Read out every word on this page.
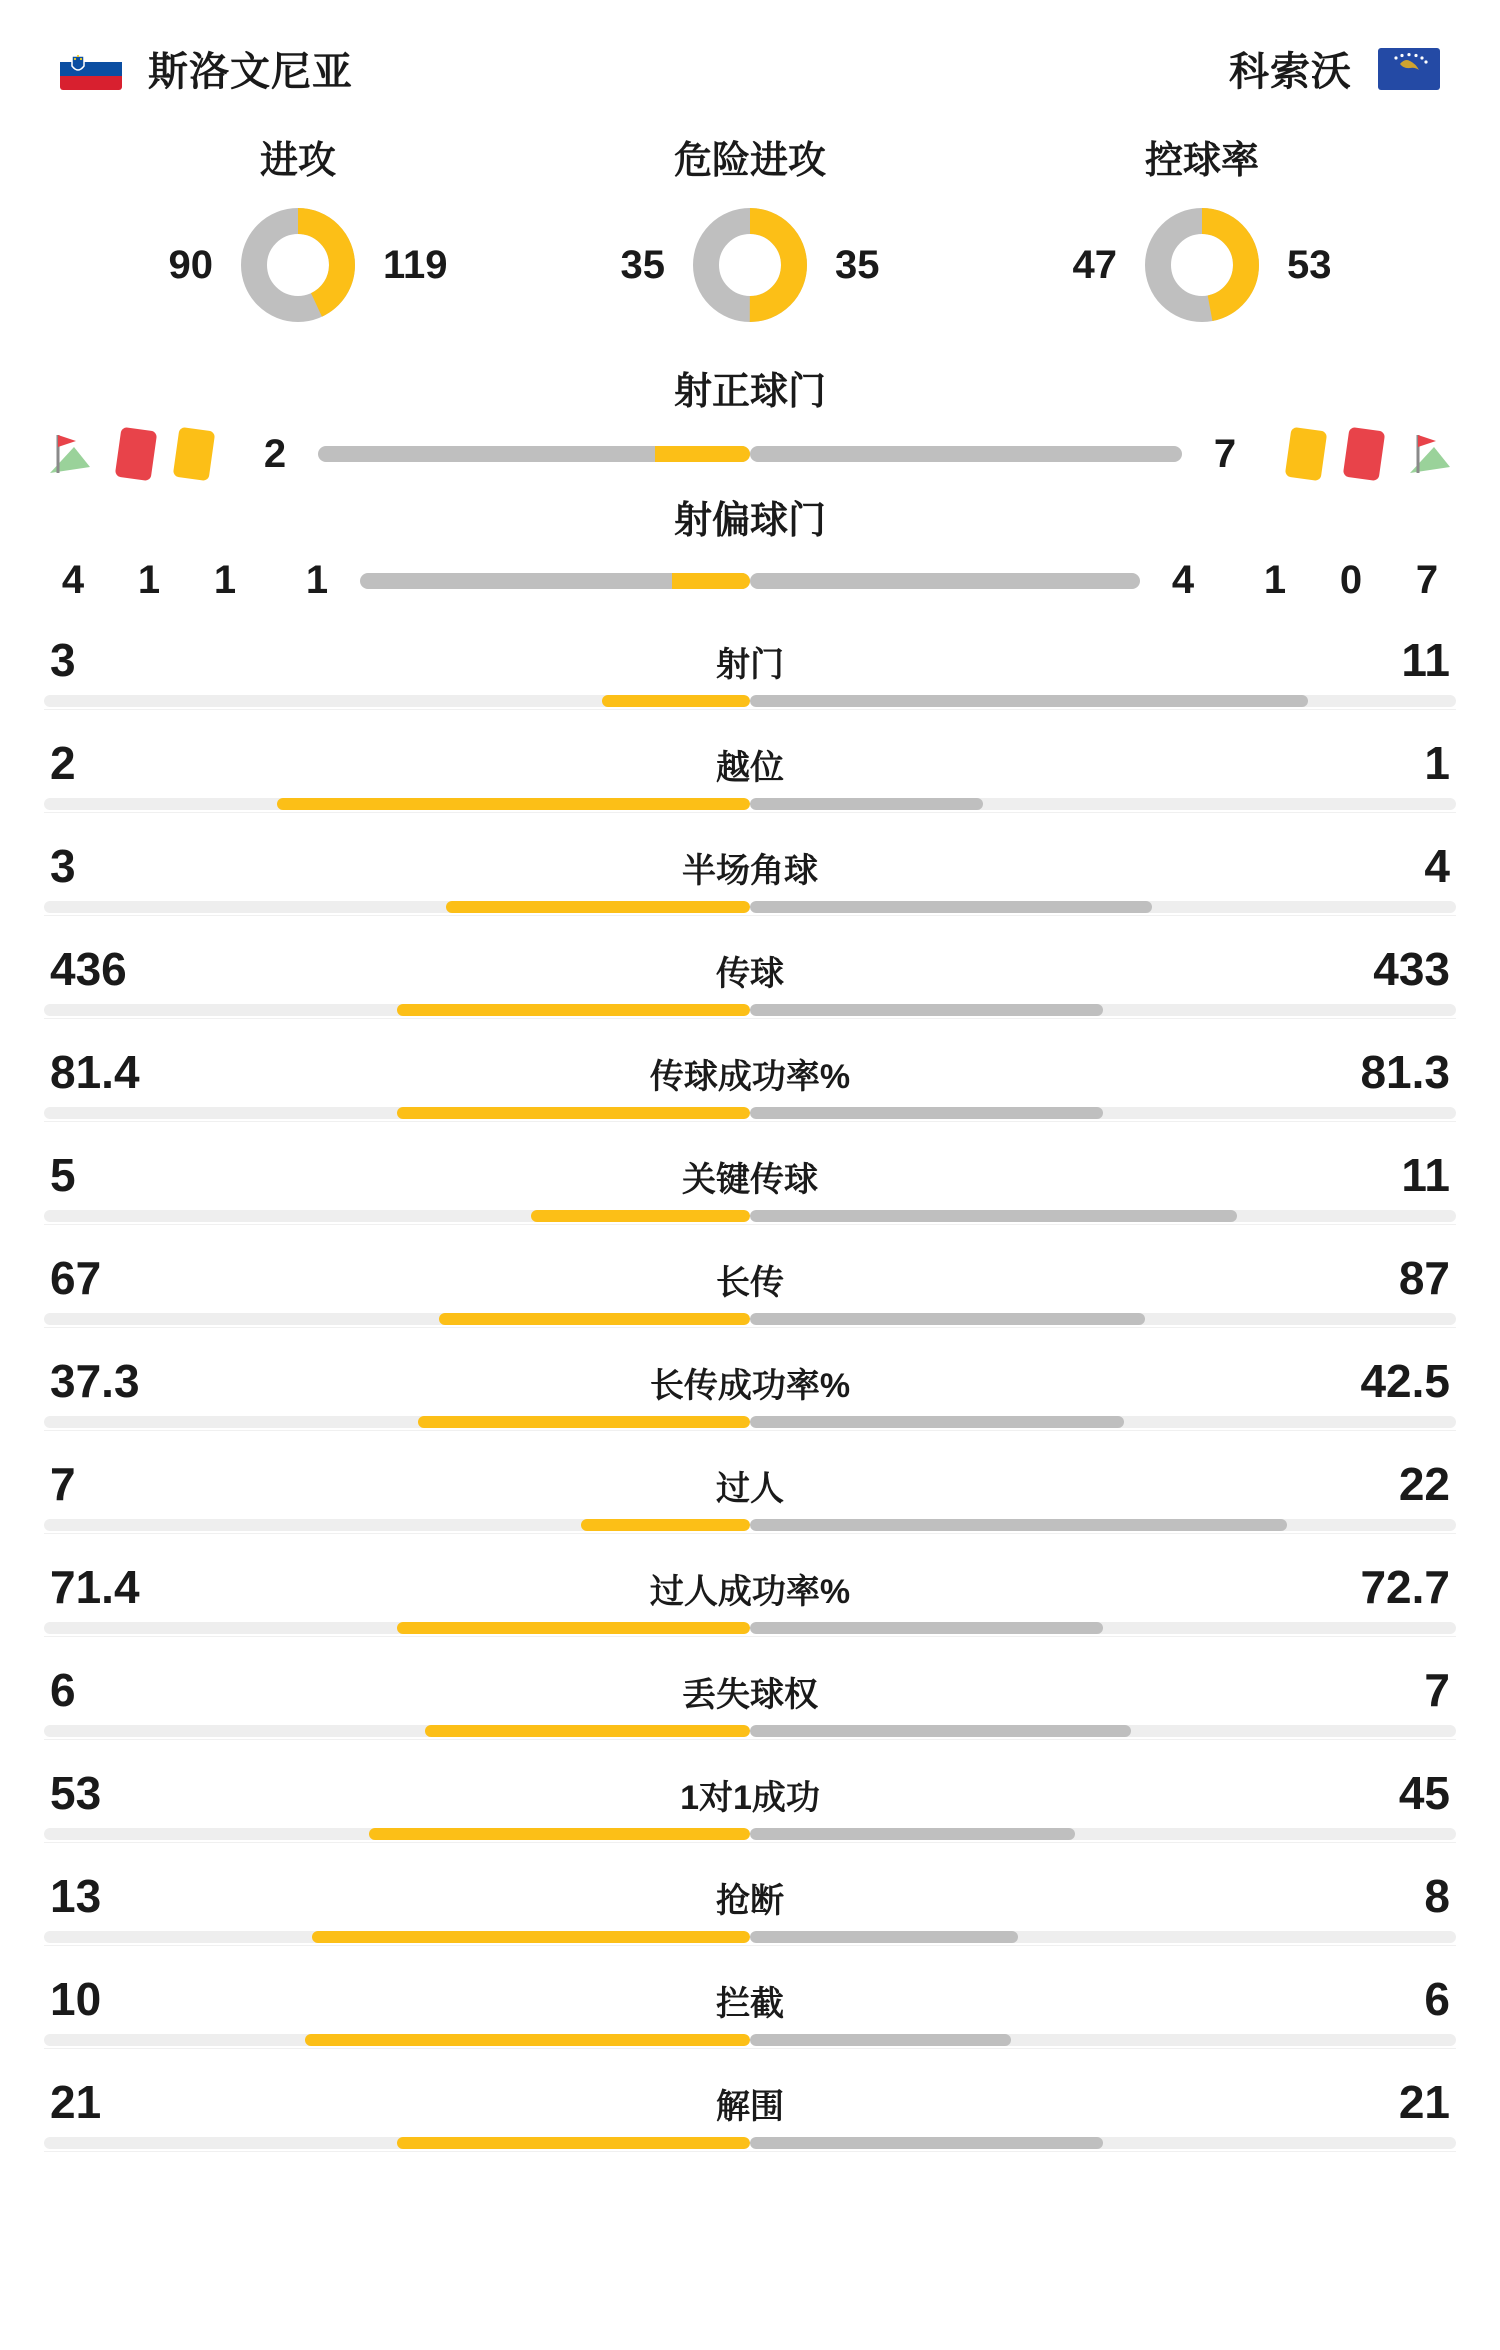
斯洛文尼亚	科索沃
进攻
90	119
危险进攻
35	35
控球率
47	53
射正球门
2	7
射偏球门
4	1	1	1	4	1	0	7
3	射门	11
2	越位	1
3	半场角球	4
436	传球	433
81.4	传球成功率%	81.3
5	关键传球	11
67	长传	87
37.3	长传成功率%	42.5
7	过人	22
71.4	过人成功率%	72.7
6	丢失球权	7
53	1对1成功	45
13	抢断	8
10	拦截	6
21	解围	21
